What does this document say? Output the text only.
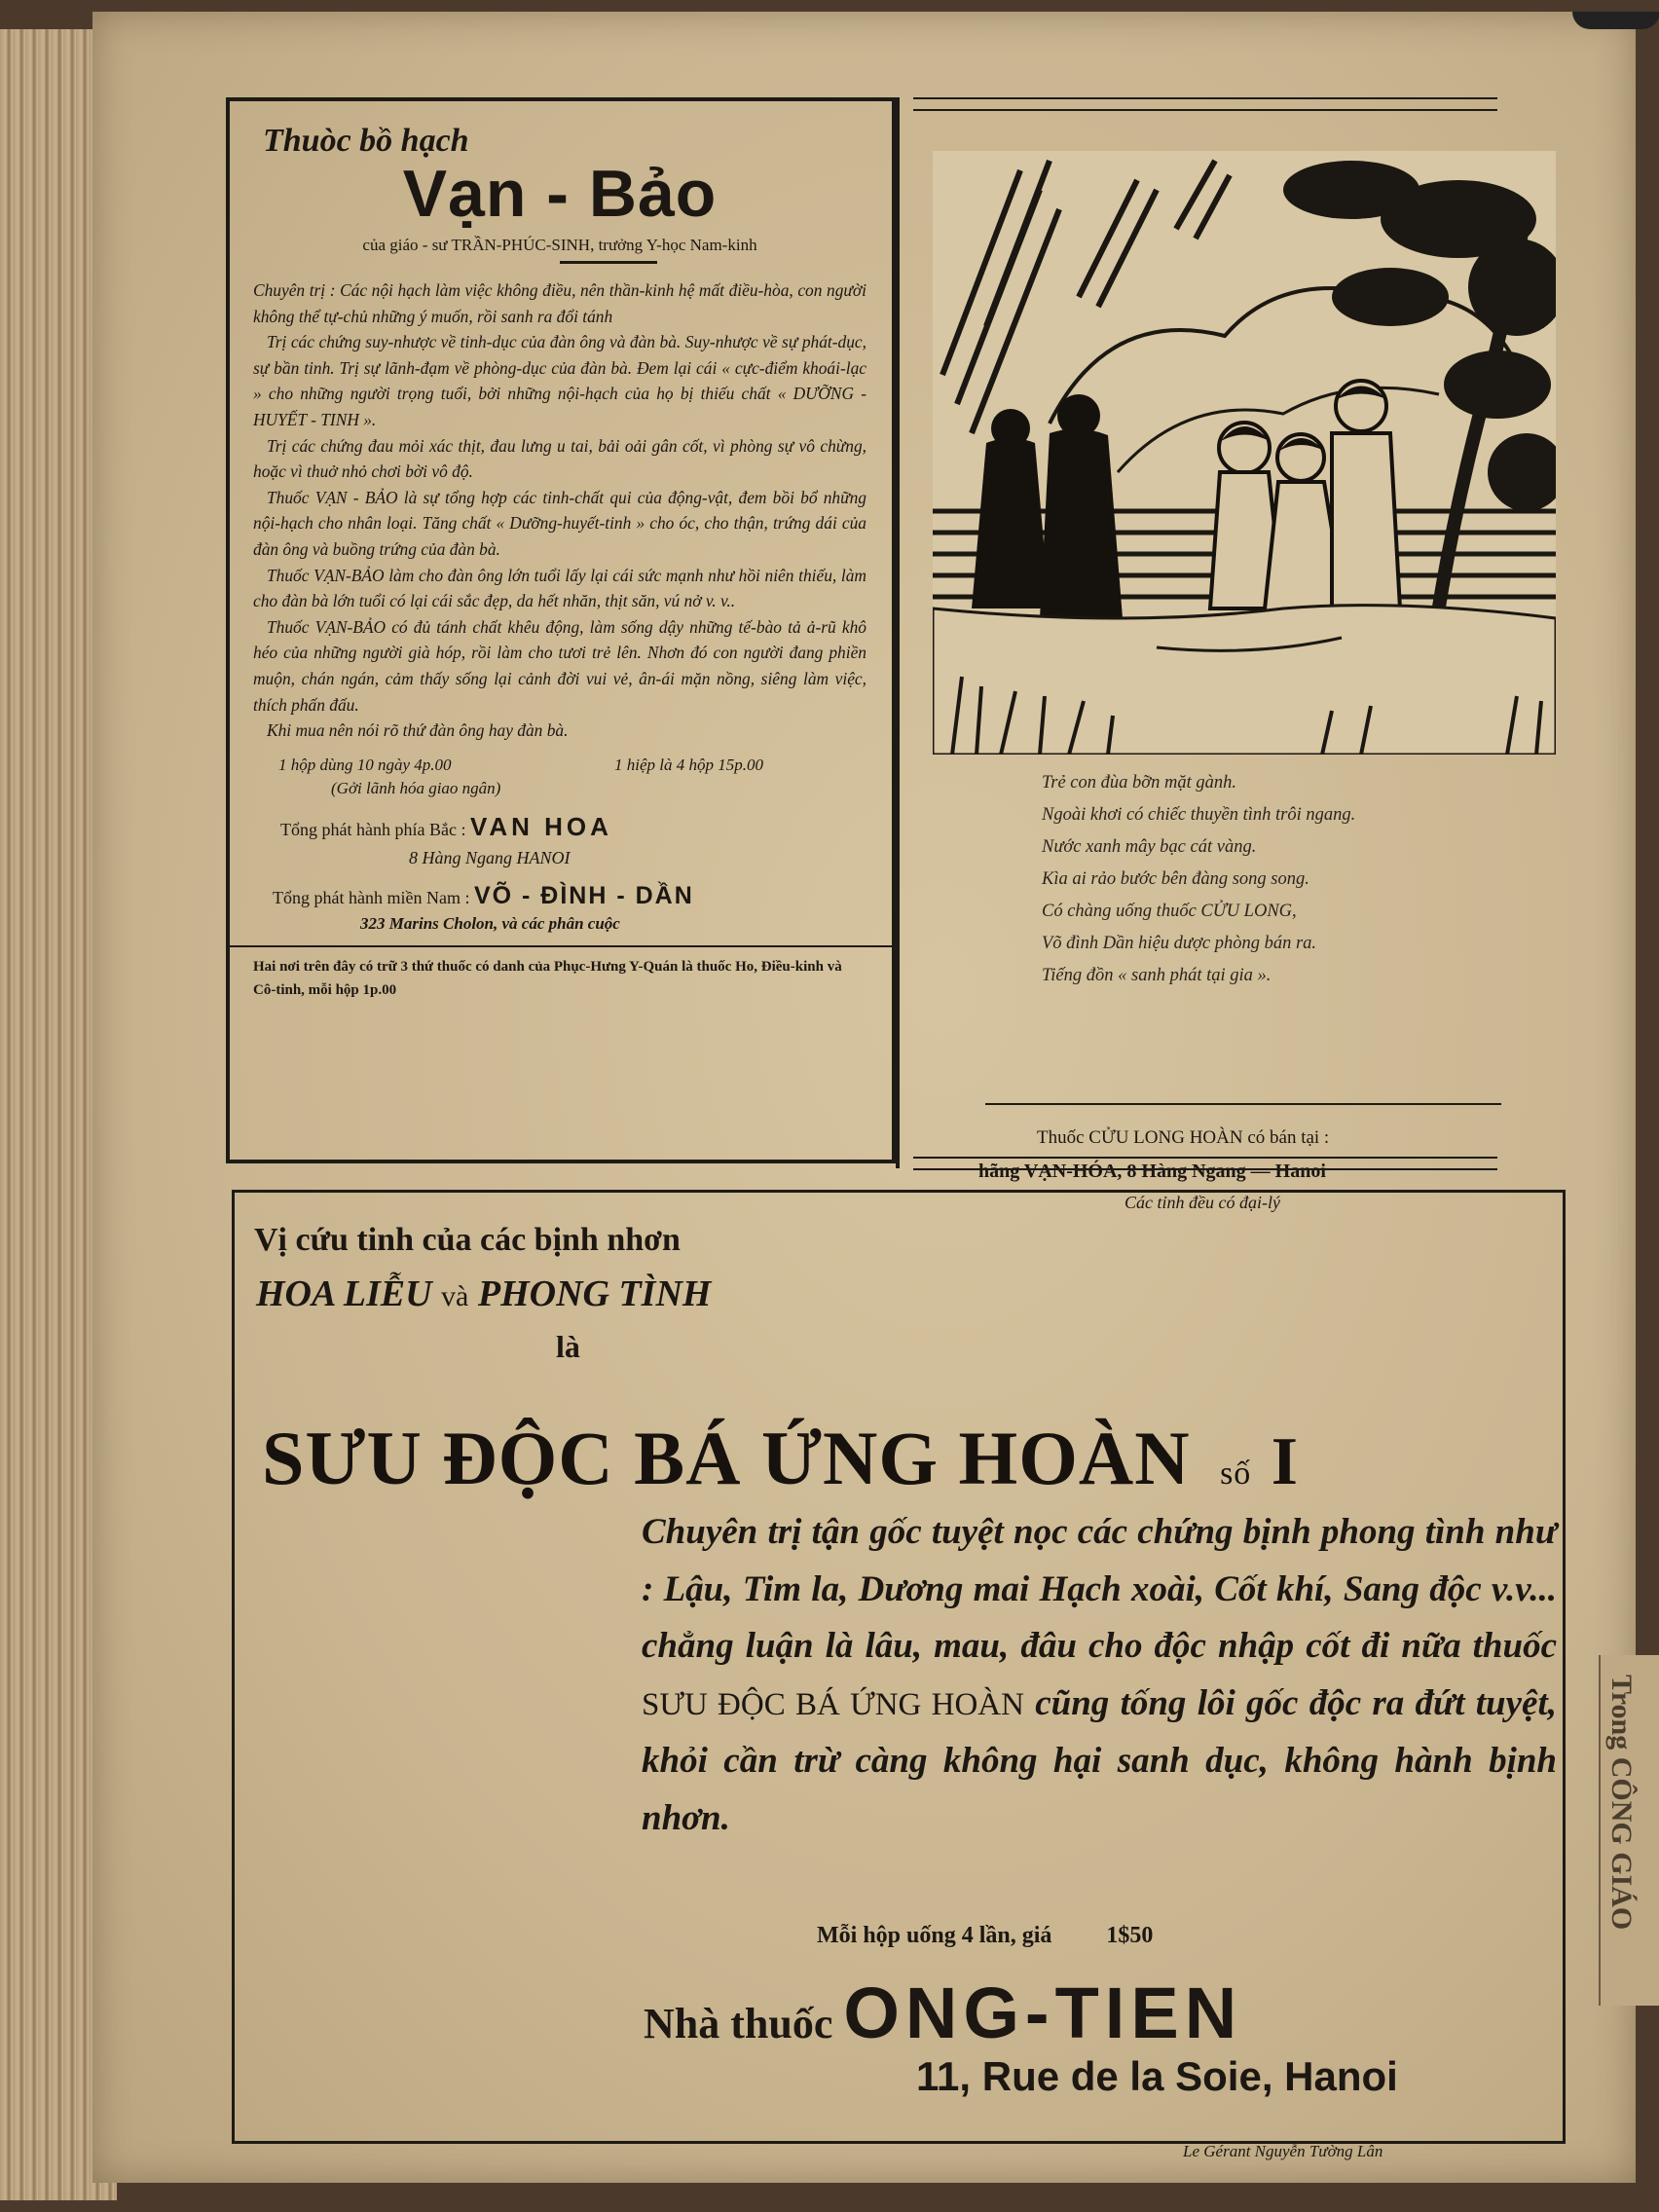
Trong CÔNG GIÁO
Thuòc bồ hạch
Vạn - Bảo
của giáo - sư TRẦN-PHÚC-SINH, trưởng Y-học Nam-kinh

Chuyên trị : Các nội hạch làm việc không điều, nên thần-kinh hệ mất điều-hòa, con người không thể tự-chủ những ý muốn, rồi sanh ra đổi tánh

Trị các chứng suy-nhược về tinh-dục của đàn ông và đàn bà. Suy-nhược về sự phát-dục, sự bần tinh. Trị sự lãnh-đạm về phòng-dục của đàn bà. Đem lại cái « cực-điểm khoái-lạc » cho những người trọng tuổi, bởi những nội-hạch của họ bị thiếu chất « DƯỠNG - HUYẾT - TINH ».

Trị các chứng đau mỏi xác thịt, đau lưng u tai, bải oải gân cốt, vì phòng sự vô chừng, hoặc vì thuở nhỏ chơi bời vô độ.

Thuốc VẠN - BẢO là sự tổng hợp các tinh-chất qui của động-vật, đem bồi bổ những nội-hạch cho nhân loại. Tăng chất « Dưỡng-huyết-tinh » cho óc, cho thận, trứng dái của đàn ông và buồng trứng của đàn bà.

Thuốc VẠN-BẢO làm cho đàn ông lớn tuổi lấy lại cái sức mạnh như hồi niên thiếu, làm cho đàn bà lớn tuổi có lại cái sắc đẹp, da hết nhăn, thịt săn, vú nở v. v..

Thuốc VẠN-BẢO có đủ tánh chất khêu động, làm sống dậy những tế-bào tả ả-rũ khô héo của những người già hóp, rồi làm cho tươi trẻ lên. Nhơn đó con người đang phiền muộn, chán ngán, cảm thấy sống lại cảnh đời vui vẻ, ân-ái mặn nồng, siêng làm việc, thích phấn đấu.

Khi mua nên nói rõ thứ đàn ông hay đàn bà.

1 hộp dùng 10 ngày 4p.00	1 hiệp là 4 hộp 15p.00
(Gởi lãnh hóa giao ngân)
Tổng phát hành phía Bắc : VAN HOA
8 Hàng Ngang HANOI
Tổng phát hành miền Nam : VÕ - ĐÌNH - DẦN
323 Marins Cholon, và các phân cuộc
Hai nơi trên đây có trữ 3 thứ thuốc có danh của Phục-Hưng Y-Quán là thuốc Ho, Điều-kinh và Cô-tinh, mỗi hộp 1p.00
Trẻ con đùa bỡn mặt gành.
Ngoài khơi có chiếc thuyền tình trôi ngang.
Nước xanh mây bạc cát vàng.
Kìa ai rảo bước bên đàng song song.
Có chàng uống thuốc CỬU LONG,
Võ đình Dần hiệu dược phòng bán ra.
Tiếng đồn « sanh phát tại gia ».
Thuốc CỬU LONG HOÀN có bán tại :
hãng VẠN-HÓA, 8 Hàng Ngang — Hanoi
Các tỉnh đều có đại-lý
Vị cứu tinh của các bịnh nhơn
HOA LIỄU và PHONG TÌNH
là
SƯU ĐỘC BÁ ỨNG HOÀN số I
Chuyên trị tận gốc tuyệt nọc các chứng bịnh phong tình như : Lậu, Tim la, Dương mai Hạch xoài, Cốt khí, Sang độc v.v... chẳng luận là lâu, mau, đâu cho độc nhập cốt đi nữa thuốc SƯU ĐỘC BÁ ỨNG HOÀN cũng tống lôi gốc độc ra đứt tuyệt, khỏi cần trừ càng không hại sanh dục, không hành bịnh nhơn.
Mỗi hộp uống 4 lần, giá 1$50
Nhà thuốc ONG-TIEN
11, Rue de la Soie, Hanoi
Le Gérant Nguyễn Tường Lân
